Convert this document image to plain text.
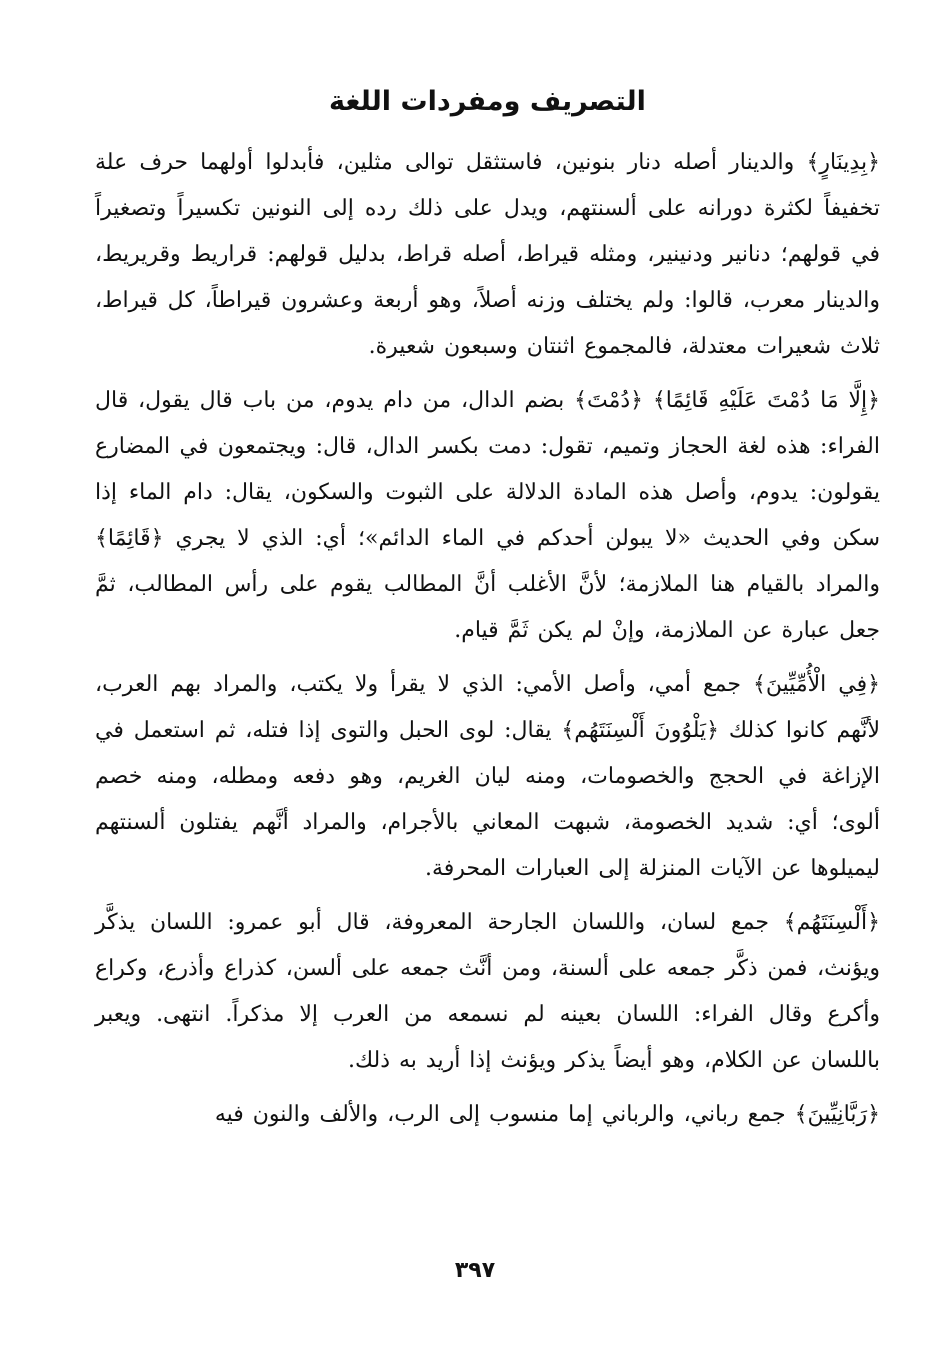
التصريف ومفردات اللغة

﴿بِدِينَارٍ﴾ والدينار أصله دنار بنونين، فاستثقل توالى مثلين، فأبدلوا أولهما حرف علة تخفيفاً لكثرة دورانه على ألسنتهم، ويدل على ذلك رده إلى النونين تكسيراً وتصغيراً في قولهم؛ دنانير ودنينير، ومثله قيراط، أصله قراط، بدليل قولهم: قراريط وقريريط، والدينار معرب، قالوا: ولم يختلف وزنه أصلاً، وهو أربعة وعشرون قيراطاً، كل قيراط، ثلاث شعيرات معتدلة، فالمجموع اثنتان وسبعون شعيرة.

﴿إِلَّا مَا دُمْتَ عَلَيْهِ قَائِمًا﴾ ﴿دُمْتَ﴾ بضم الدال، من دام يدوم، من باب قال يقول، قال الفراء: هذه لغة الحجاز وتميم، تقول: دمت بكسر الدال، قال: ويجتمعون في المضارع يقولون: يدوم، وأصل هذه المادة الدلالة على الثبوت والسكون، يقال: دام الماء إذا سكن وفي الحديث «لا يبولن أحدكم في الماء الدائم»؛ أي: الذي لا يجري ﴿قَائِمًا﴾ والمراد بالقيام هنا الملازمة؛ لأنَّ الأغلب أنَّ المطالب يقوم على رأس المطالب، ثمَّ جعل عبارة عن الملازمة، وإنْ لم يكن ثَمَّ قيام.

﴿فِي الْأُمِّيِّينَ﴾ جمع أمي، وأصل الأمي: الذي لا يقرأ ولا يكتب، والمراد بهم العرب، لأنَّهم كانوا كذلك ﴿يَلْوُونَ أَلْسِنَتَهُم﴾ يقال: لوى الحبل والتوى إذا فتله، ثم استعمل في الإزاغة في الحجج والخصومات، ومنه ليان الغريم، وهو دفعه ومطله، ومنه خصم ألوى؛ أي: شديد الخصومة، شبهت المعاني بالأجرام، والمراد أنَّهم يفتلون ألسنتهم ليميلوها عن الآيات المنزلة إلى العبارات المحرفة.

﴿أَلْسِنَتَهُم﴾ جمع لسان، واللسان الجارحة المعروفة، قال أبو عمرو: اللسان يذكَّر ويؤنث، فمن ذكَّر جمعه على ألسنة، ومن أنَّث جمعه على ألسن، كذراع وأذرع، وكراع وأكرع وقال الفراء: اللسان بعينه لم نسمعه من العرب إلا مذكراً. انتهى. ويعبر باللسان عن الكلام، وهو أيضاً يذكر ويؤنث إذا أريد به ذلك.

﴿رَبَّانِيِّينَ﴾ جمع رباني، والرباني إما منسوب إلى الرب، والألف والنون فيه

٣٩٧
